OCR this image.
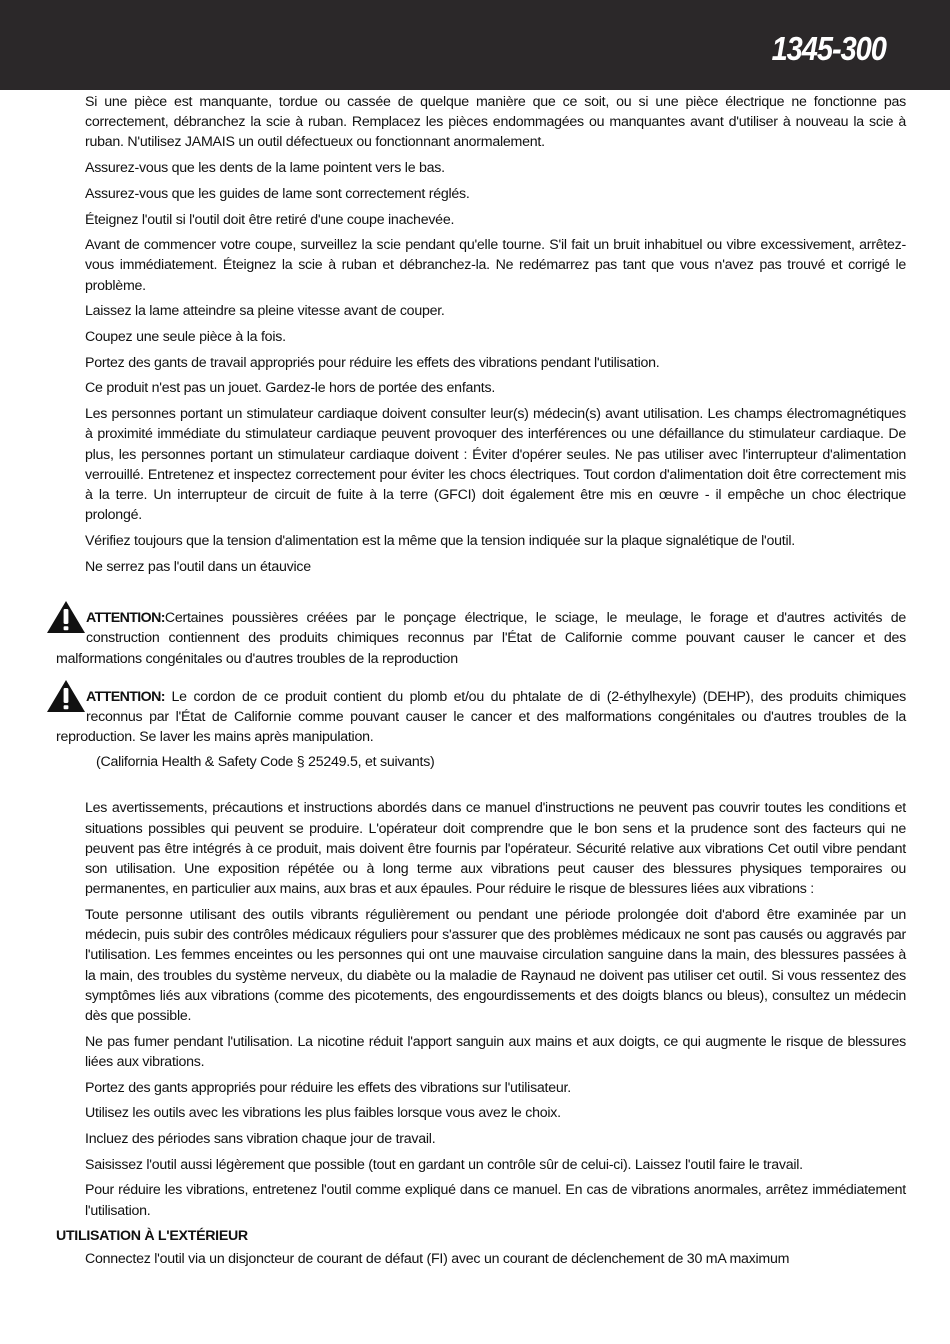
1345-300

Si une pièce est manquante, tordue ou cassée de quelque manière que ce soit, ou si une pièce électrique ne fonctionne pas correctement, débranchez la scie à ruban. Remplacez les pièces endommagées ou manquantes avant d'utiliser à nouveau la scie à ruban. N'utilisez JAMAIS un outil défectueux ou fonctionnant anormalement.

Assurez-vous que les dents de la lame pointent vers le bas.

Assurez-vous que les guides de lame sont correctement réglés.

Éteignez l'outil si l'outil doit être retiré d'une coupe inachevée.

Avant de commencer votre coupe, surveillez la scie pendant qu'elle tourne. S'il fait un bruit inhabituel ou vibre excessivement, arrêtez-vous immédiatement. Éteignez la scie à ruban et débranchez-la. Ne redémarrez pas tant que vous n'avez pas trouvé et corrigé le problème.

Laissez la lame atteindre sa pleine vitesse avant de couper.

Coupez une seule pièce à la fois.

Portez des gants de travail appropriés pour réduire les effets des vibrations pendant l'utilisation.

Ce produit n'est pas un jouet. Gardez-le hors de portée des enfants.

Les personnes portant un stimulateur cardiaque doivent consulter leur(s) médecin(s) avant utilisation. Les champs électromagnétiques à proximité immédiate du stimulateur cardiaque peuvent provoquer des interférences ou une défaillance du stimulateur cardiaque. De plus, les personnes portant un stimulateur cardiaque doivent : Éviter d'opérer seules. Ne pas utiliser avec l'interrupteur d'alimentation verrouillé. Entretenez et inspectez correctement pour éviter les chocs électriques. Tout cordon d'alimentation doit être correctement mis à la terre. Un interrupteur de circuit de fuite à la terre (GFCI) doit également être mis en œuvre - il empêche un choc électrique prolongé.

Vérifiez toujours que la tension d'alimentation est la même que la tension indiquée sur la plaque signalétique de l'outil.

Ne serrez pas l'outil dans un étauvice

ATTENTION:Certaines poussières créées par le ponçage électrique, le sciage, le meulage, le forage et d'autres activités de construction contiennent des produits chimiques reconnus par l'État de Californie comme pouvant causer le cancer et des malformations congénitales ou d'autres troubles de la reproduction

ATTENTION: Le cordon de ce produit contient du plomb et/ou du phtalate de di (2-éthylhexyle) (DEHP), des produits chimiques reconnus par l'État de Californie comme pouvant causer le cancer et des malformations congénitales ou d'autres troubles de la reproduction. Se laver les mains après manipulation.

(California Health & Safety Code § 25249.5, et suivants)

Les avertissements, précautions et instructions abordés dans ce manuel d'instructions ne peuvent pas couvrir toutes les conditions et situations possibles qui peuvent se produire. L'opérateur doit comprendre que le bon sens et la prudence sont des facteurs qui ne peuvent pas être intégrés à ce produit, mais doivent être fournis par l'opérateur. Sécurité relative aux vibrations Cet outil vibre pendant son utilisation. Une exposition répétée ou à long terme aux vibrations peut causer des blessures physiques temporaires ou permanentes, en particulier aux mains, aux bras et aux épaules. Pour réduire le risque de blessures liées aux vibrations :

Toute personne utilisant des outils vibrants régulièrement ou pendant une période prolongée doit d'abord être examinée par un médecin, puis subir des contrôles médicaux réguliers pour s'assurer que des problèmes médicaux ne sont pas causés ou aggravés par l'utilisation. Les femmes enceintes ou les personnes qui ont une mauvaise circulation sanguine dans la main, des blessures passées à la main, des troubles du système nerveux, du diabète ou la maladie de Raynaud ne doivent pas utiliser cet outil. Si vous ressentez des symptômes liés aux vibrations (comme des picotements, des engourdissements et des doigts blancs ou bleus), consultez un médecin dès que possible.

Ne pas fumer pendant l'utilisation. La nicotine réduit l'apport sanguin aux mains et aux doigts, ce qui augmente le risque de blessures liées aux vibrations.

Portez des gants appropriés pour réduire les effets des vibrations sur l'utilisateur.

Utilisez les outils avec les vibrations les plus faibles lorsque vous avez le choix.

Incluez des périodes sans vibration chaque jour de travail.

Saisissez l'outil aussi légèrement que possible (tout en gardant un contrôle sûr de celui-ci). Laissez l'outil faire le travail.

Pour réduire les vibrations, entretenez l'outil comme expliqué dans ce manuel. En cas de vibrations anormales, arrêtez immédiatement l'utilisation.

UTILISATION À L'EXTÉRIEUR

Connectez l'outil via un disjoncteur de courant de défaut (FI) avec un courant de déclenchement de 30 mA maximum
